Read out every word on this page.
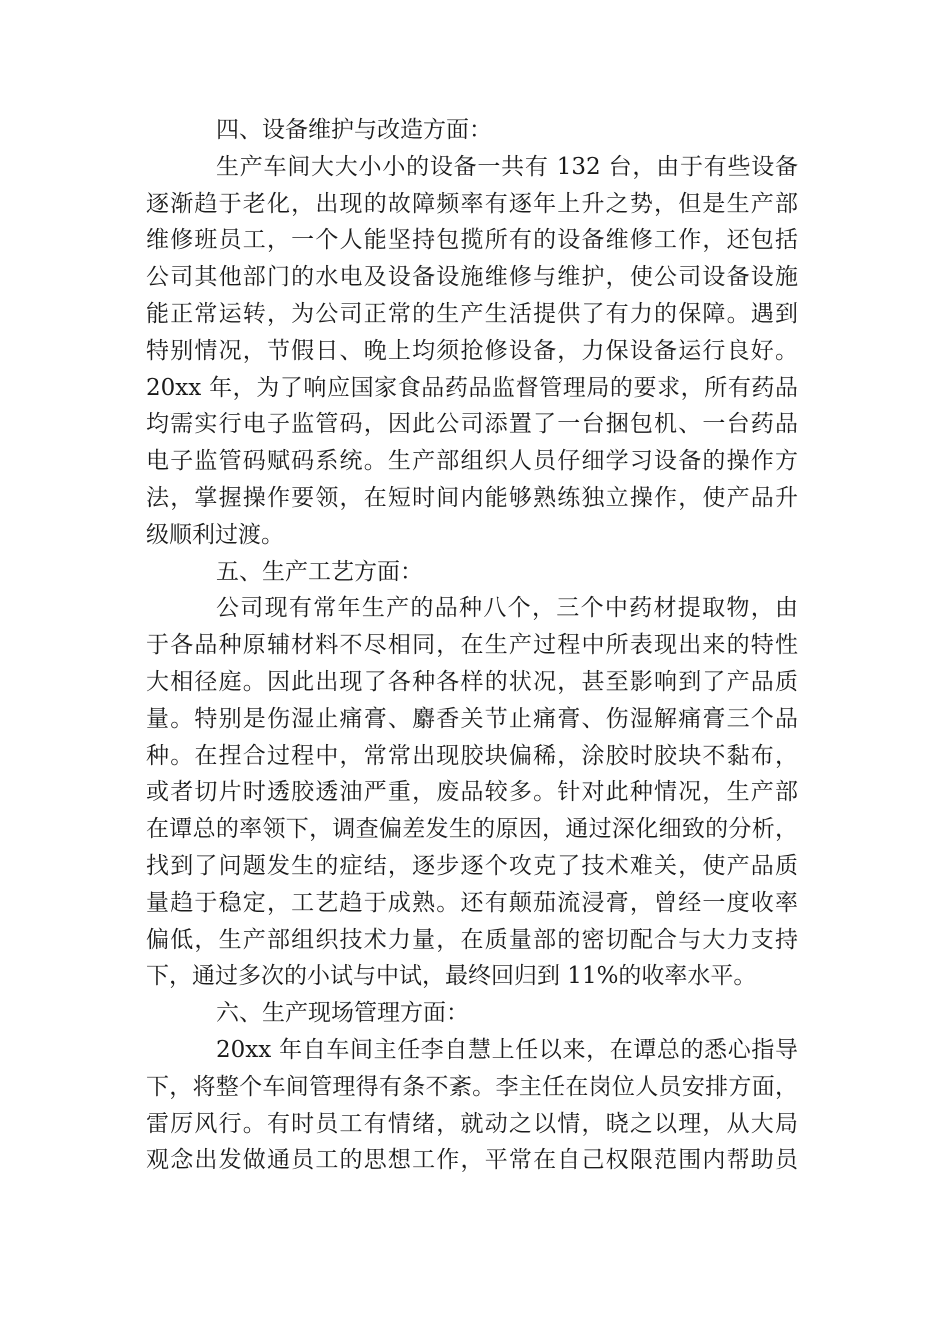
四、设备维护与改造方面：
生产车间大大小小的设备一共有 132 台，由于有些设备
逐渐趋于老化，出现的故障频率有逐年上升之势，但是生产部
维修班员工，一个人能坚持包揽所有的设备维修工作，还包括
公司其他部门的水电及设备设施维修与维护，使公司设备设施
能正常运转，为公司正常的生产生活提供了有力的保障。遇到
特别情况，节假日、晚上均须抢修设备，力保设备运行良好。
20xx 年，为了响应国家食品药品监督管理局的要求，所有药品
均需实行电子监管码，因此公司添置了一台捆包机、一台药品
电子监管码赋码系统。生产部组织人员仔细学习设备的操作方
法，掌握操作要领，在短时间内能够熟练独立操作，使产品升
级顺利过渡。
五、生产工艺方面：
公司现有常年生产的品种八个，三个中药材提取物，由
于各品种原辅材料不尽相同，在生产过程中所表现出来的特性
大相径庭。因此出现了各种各样的状况，甚至影响到了产品质
量。特别是伤湿止痛膏、麝香关节止痛膏、伤湿解痛膏三个品
种。在捏合过程中，常常出现胶块偏稀，涂胶时胶块不黏布，
或者切片时透胶透油严重，废品较多。针对此种情况，生产部
在谭总的率领下，调查偏差发生的原因，通过深化细致的分析，
找到了问题发生的症结，逐步逐个攻克了技术难关，使产品质
量趋于稳定，工艺趋于成熟。还有颠茄流浸膏，曾经一度收率
偏低，生产部组织技术力量，在质量部的密切配合与大力支持
下，通过多次的小试与中试，最终回归到 11%的收率水平。
六、生产现场管理方面：
20xx 年自车间主任李自慧上任以来，在谭总的悉心指导
下，将整个车间管理得有条不紊。李主任在岗位人员安排方面，
雷厉风行。有时员工有情绪，就动之以情，晓之以理，从大局
观念出发做通员工的思想工作，平常在自己权限范围内帮助员
